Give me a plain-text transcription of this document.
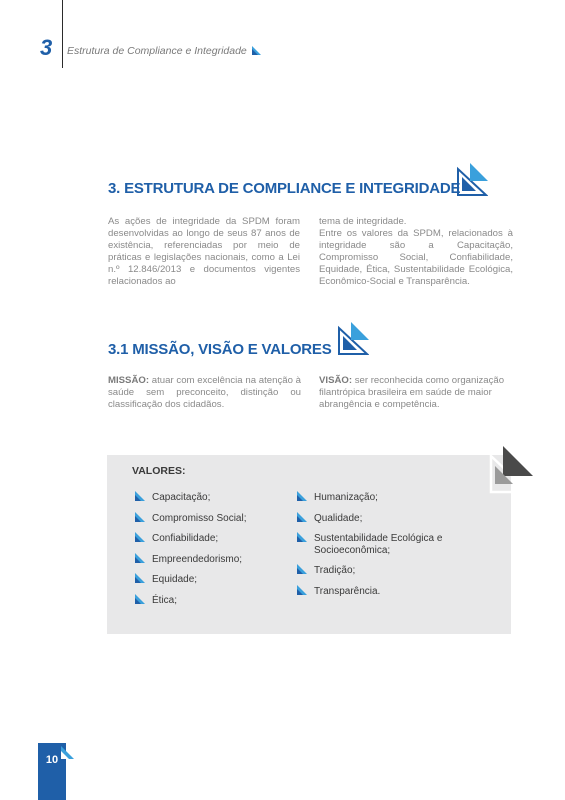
3 Estrutura de Compliance e Integridade
3. ESTRUTURA DE COMPLIANCE E INTEGRIDADE
As ações de integridade da SPDM foram desenvolvidas ao longo de seus 87 anos de existência, referenciadas por meio de práticas e legislações nacionais, como a Lei n.º 12.846/2013 e documentos vigentes relacionados ao

tema de integridade.

Entre os valores da SPDM, relacionados à integridade são a Capacitação, Compromisso Social, Confiabilidade, Equidade, Ética, Sustentabilidade Ecológica, Econômico-Social e Transparência.

3.1 MISSÃO, VISÃO E VALORES
MISSÃO: atuar com excelência na atenção à saúde sem preconceito, distinção ou classificação dos cidadãos.
VISÃO: ser reconhecida como organização filantrópica brasileira em saúde de maior abrangência e competência.
VALORES:
Capacitação;
Compromisso Social;
Confiabilidade;
Empreendedorismo;
Equidade;
Ética;
Humanização;
Qualidade;
Sustentabilidade Ecológica e Socioeconômica;
Tradição;
Transparência.
10
